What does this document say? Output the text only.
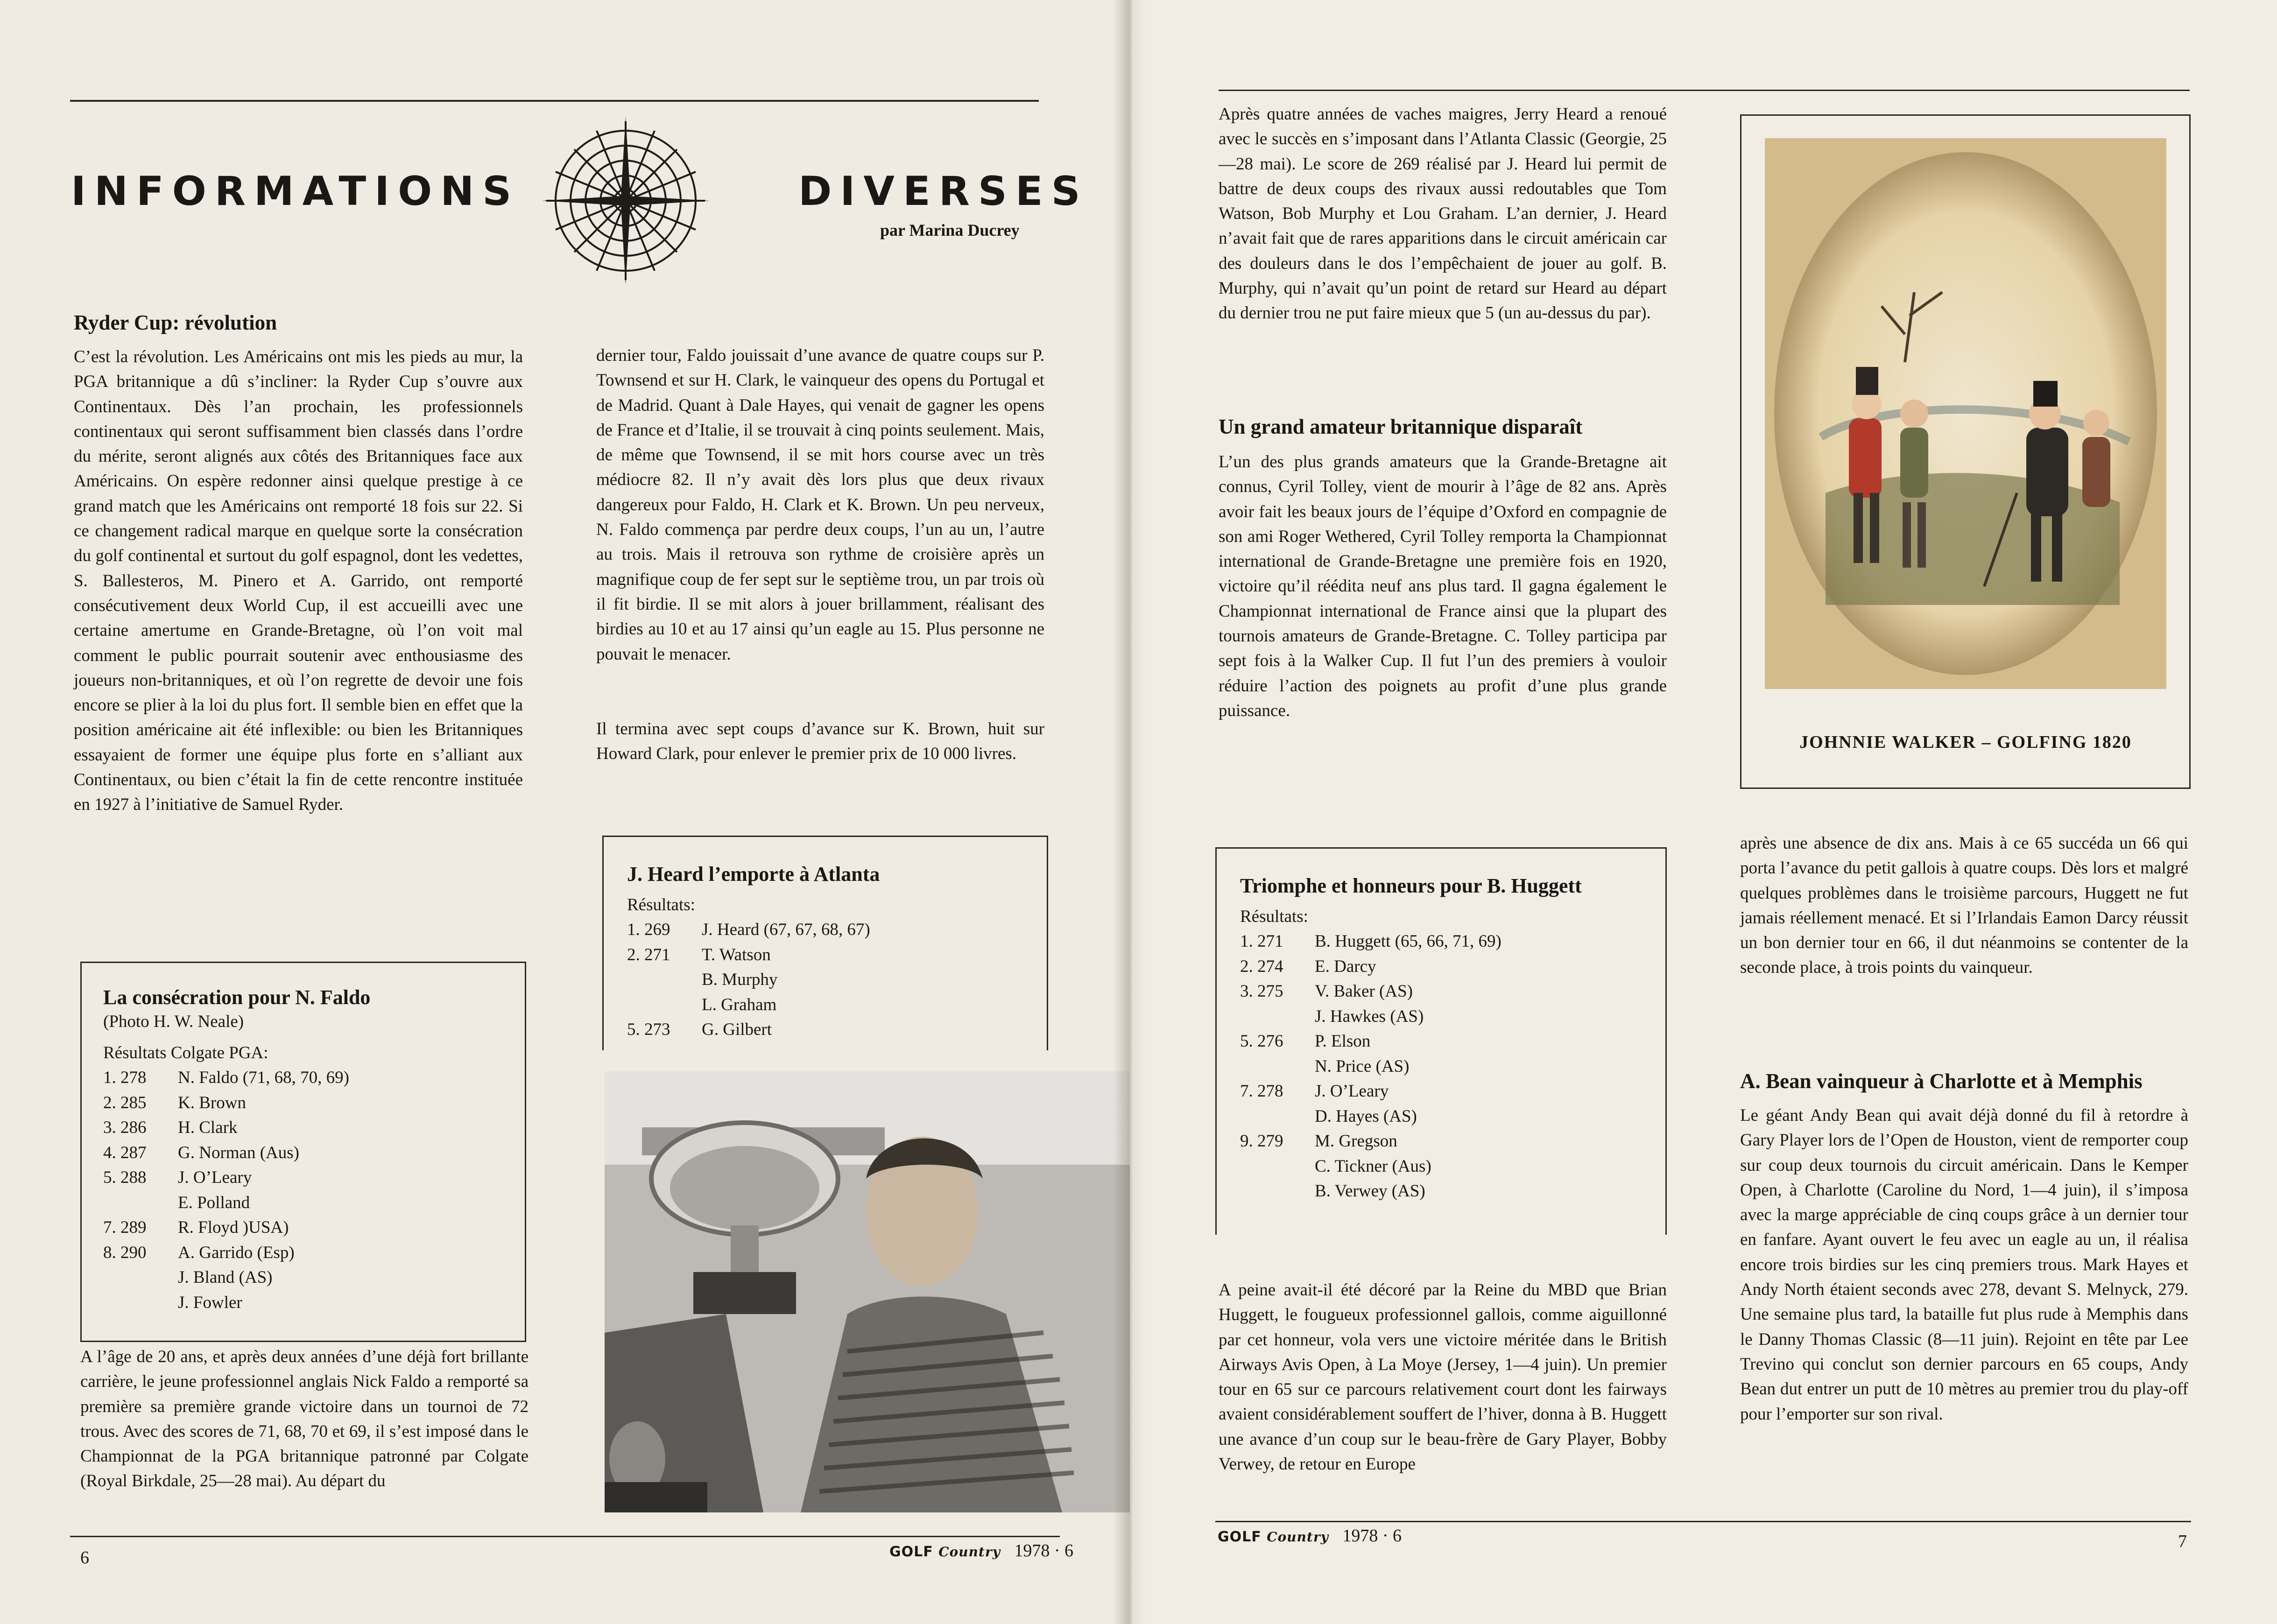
INFORMATIONS	DIVERSES
par Marina Ducrey
Ryder Cup: révolution
C’est la révolution. Les Américains ont mis les pieds au mur, la PGA britannique a dû s’incliner: la Ryder Cup s’ouvre aux Continentaux. Dès l’an prochain, les professionnels continentaux qui seront suffisamment bien classés dans l’ordre du mérite, seront alignés aux côtés des Britanniques face aux Américains. On espère redonner ainsi quelque prestige à ce grand match que les Américains ont remporté 18 fois sur 22. Si ce changement radical marque en quelque sorte la consécration du golf continental et surtout du golf espagnol, dont les vedettes, S. Ballesteros, M. Pinero et A. Garrido, ont remporté consécutivement deux World Cup, il est accueilli avec une certaine amertume en Grande-Bretagne, où l’on voit mal comment le public pourrait soutenir avec enthousiasme des joueurs non-britanniques, et où l’on regrette de devoir une fois encore se plier à la loi du plus fort. Il semble bien en effet que la position américaine ait été inflexible: ou bien les Britanniques essayaient de former une équipe plus forte en s’alliant aux Continentaux, ou bien c’était la fin de cette rencontre instituée en 1927 à l’initiative de Samuel Ryder.
La consécration pour N. Faldo
(Photo H. W. Neale)
Résultats Colgate PGA:
1. 278	N. Faldo (71, 68, 70, 69)
2. 285	K. Brown
3. 286	H. Clark
4. 287	G. Norman (Aus)
5. 288	J. O’Leary
E. Polland
7. 289	R. Floyd )USA)
8. 290	A. Garrido (Esp)
J. Bland (AS)
J. Fowler
A l’âge de 20 ans, et après deux années d’une déjà fort brillante carrière, le jeune professionnel anglais Nick Faldo a remporté sa première sa première grande victoire dans un tournoi de 72 trous. Avec des scores de 71, 68, 70 et 69, il s’est imposé dans le Championnat de la PGA britannique patronné par Colgate (Royal Birkdale, 25—28 mai). Au départ du
dernier tour, Faldo jouissait d’une avance de quatre coups sur P. Townsend et sur H. Clark, le vainqueur des opens du Portugal et de Madrid. Quant à Dale Hayes, qui venait de gagner les opens de France et d’Italie, il se trouvait à cinq points seulement. Mais, de même que Townsend, il se mit hors course avec un très médiocre 82. Il n’y avait dès lors plus que deux rivaux dangereux pour Faldo, H. Clark et K. Brown. Un peu nerveux, N. Faldo commença par perdre deux coups, l’un au un, l’autre au trois. Mais il retrouva son rythme de croisière après un magnifique coup de fer sept sur le septième trou, un par trois où il fit birdie. Il se mit alors à jouer brillamment, réalisant des birdies au 10 et au 17 ainsi qu’un eagle au 15. Plus personne ne pouvait le menacer.
Il termina avec sept coups d’avance sur K. Brown, huit sur Howard Clark, pour enlever le premier prix de 10 000 livres.
J. Heard l’emporte à Atlanta
Résultats:
1. 269	J. Heard (67, 67, 68, 67)
2. 271	T. Watson
B. Murphy
L. Graham
5. 273	G. Gilbert
6	GOLF Country 1978 · 6
Après quatre années de vaches maigres, Jerry Heard a renoué avec le succès en s’imposant dans l’Atlanta Classic (Georgie, 25—28 mai). Le score de 269 réalisé par J. Heard lui permit de battre de deux coups des rivaux aussi redoutables que Tom Watson, Bob Murphy et Lou Graham. L’an dernier, J. Heard n’avait fait que de rares apparitions dans le circuit américain car des douleurs dans le dos l’empêchaient de jouer au golf. B. Murphy, qui n’avait qu’un point de retard sur Heard au départ du dernier trou ne put faire mieux que 5 (un au-dessus du par).
Un grand amateur britannique disparaît
L’un des plus grands amateurs que la Grande-Bretagne ait connus, Cyril Tolley, vient de mourir à l’âge de 82 ans. Après avoir fait les beaux jours de l’équipe d’Oxford en compagnie de son ami Roger Wethered, Cyril Tolley remporta la Championnat international de Grande-Bretagne une première fois en 1920, victoire qu’il réédita neuf ans plus tard. Il gagna également le Championnat international de France ainsi que la plupart des tournois amateurs de Grande-Bretagne. C. Tolley participa par sept fois à la Walker Cup. Il fut l’un des premiers à vouloir réduire l’action des poignets au profit d’une plus grande puissance.
JOHNNIE WALKER – GOLFING 1820
Triomphe et honneurs pour B. Huggett
Résultats:
1. 271	B. Huggett (65, 66, 71, 69)
2. 274	E. Darcy
3. 275	V. Baker (AS)
J. Hawkes (AS)
5. 276	P. Elson
N. Price (AS)
7. 278	J. O’Leary
D. Hayes (AS)
9. 279	M. Gregson
C. Tickner (Aus)
B. Verwey (AS)
A peine avait-il été décoré par la Reine du MBD que Brian Huggett, le fougueux professionnel gallois, comme aiguillonné par cet honneur, vola vers une victoire méritée dans le British Airways Avis Open, à La Moye (Jersey, 1—4 juin). Un premier tour en 65 sur ce parcours relativement court dont les fairways avaient considérablement souffert de l’hiver, donna à B. Huggett une avance d’un coup sur le beau-frère de Gary Player, Bobby Verwey, de retour en Europe
après une absence de dix ans. Mais à ce 65 succéda un 66 qui porta l’avance du petit gallois à quatre coups. Dès lors et malgré quelques problèmes dans le troisième parcours, Huggett ne fut jamais réellement menacé. Et si l’Irlandais Eamon Darcy réussit un bon dernier tour en 66, il dut néanmoins se contenter de la seconde place, à trois points du vainqueur.
A. Bean vainqueur à Charlotte et à Memphis
Le géant Andy Bean qui avait déjà donné du fil à retordre à Gary Player lors de l’Open de Houston, vient de remporter coup sur coup deux tournois du circuit américain. Dans le Kemper Open, à Charlotte (Caroline du Nord, 1—4 juin), il s’imposa avec la marge appréciable de cinq coups grâce à un dernier tour en fanfare. Ayant ouvert le feu avec un eagle au un, il réalisa encore trois birdies sur les cinq premiers trous. Mark Hayes et Andy North étaient seconds avec 278, devant S. Melnyck, 279. Une semaine plus tard, la bataille fut plus rude à Memphis dans le Danny Thomas Classic (8—11 juin). Rejoint en tête par Lee Trevino qui conclut son dernier parcours en 65 coups, Andy Bean dut entrer un putt de 10 mètres au premier trou du play-off pour l’emporter sur son rival.
GOLF Country 1978 · 6	7
